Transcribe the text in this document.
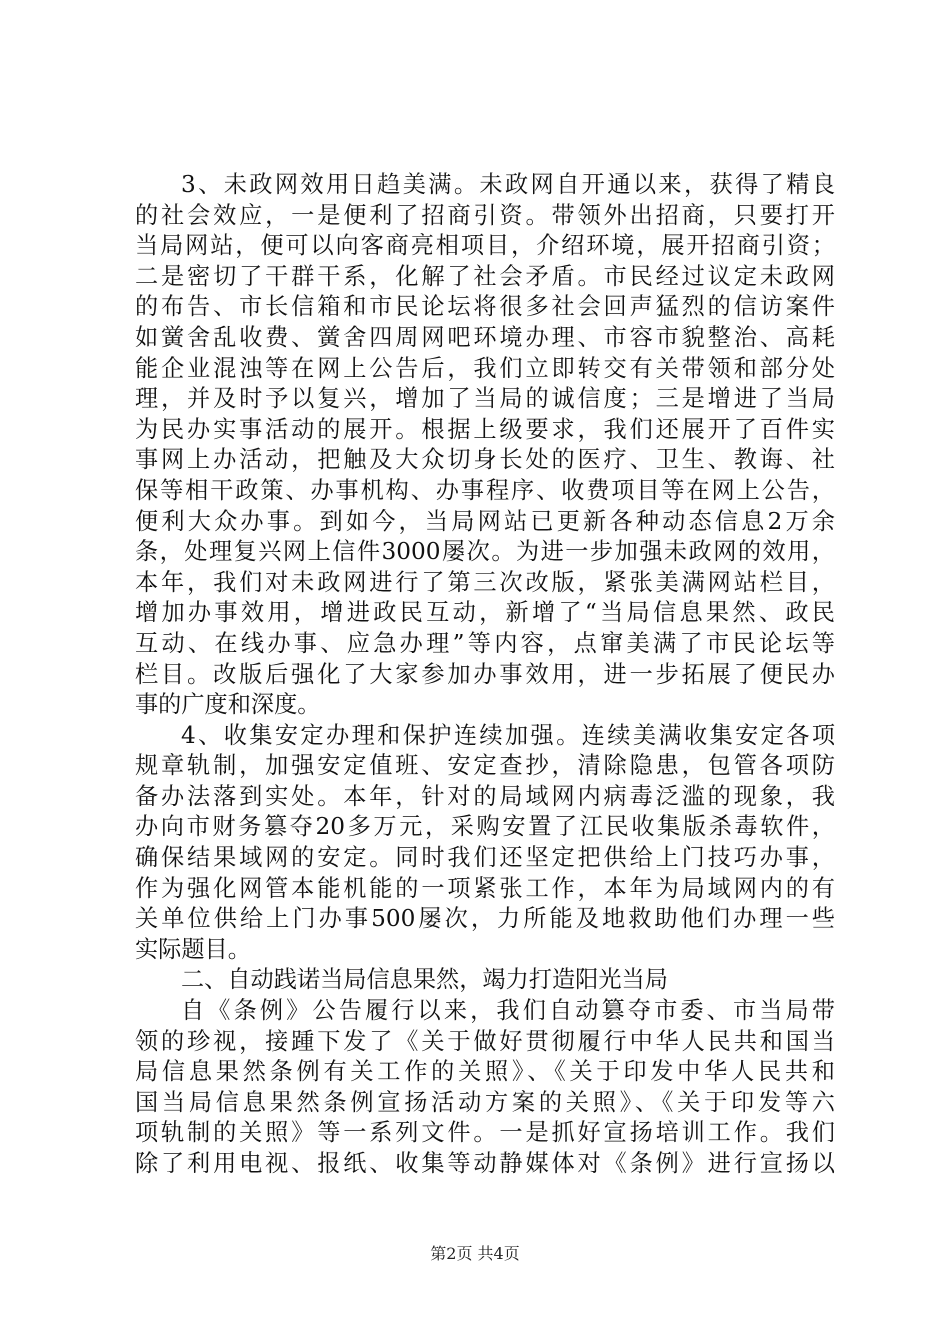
3、未政网效用日趋美满。未政网自开通以来，获得了精良
的社会效应，一是便利了招商引资。带领外出招商，只要打开
当局网站，便可以向客商亮相项目，介绍环境，展开招商引资；
二是密切了干群干系，化解了社会矛盾。市民经过议定未政网
的布告、市长信箱和市民论坛将很多社会回声猛烈的信访案件
如黉舍乱收费、黉舍四周网吧环境办理、市容市貌整治、高耗
能企业混浊等在网上公告后，我们立即转交有关带领和部分处
理，并及时予以复兴，增加了当局的诚信度；三是增进了当局
为民办实事活动的展开。根据上级要求，我们还展开了百件实
事网上办活动，把触及大众切身长处的医疗、卫生、教诲、社
保等相干政策、办事机构、办事程序、收费项目等在网上公告，
便利大众办事。到如今，当局网站已更新各种动态信息2万余
条，处理复兴网上信件3000屡次。为进一步加强未政网的效用，
本年，我们对未政网进行了第三次改版，紧张美满网站栏目，
增加办事效用，增进政民互动，新增了“当局信息果然、政民
互动、在线办事、应急办理”等内容，点窜美满了市民论坛等
栏目。改版后强化了大家参加办事效用，进一步拓展了便民办
事的广度和深度。
4、收集安定办理和保护连续加强。连续美满收集安定各项
规章轨制，加强安定值班、安定查抄，清除隐患，包管各项防
备办法落到实处。本年，针对的局域网内病毒泛滥的现象，我
办向市财务篡夺20多万元，采购安置了江民收集版杀毒软件，
确保结果域网的安定。同时我们还坚定把供给上门技巧办事，
作为强化网管本能机能的一项紧张工作，本年为局域网内的有
关单位供给上门办事500屡次，力所能及地救助他们办理一些
实际题目。
二、自动践诺当局信息果然，竭力打造阳光当局
自《条例》公告履行以来，我们自动篡夺市委、市当局带
领的珍视，接踵下发了《关于做好贯彻履行中华人民共和国当
局信息果然条例有关工作的关照》、《关于印发中华人民共和
国当局信息果然条例宣扬活动方案的关照》、《关于印发等六
项轨制的关照》等一系列文件。一是抓好宣扬培训工作。我们
除了利用电视、报纸、收集等动静媒体对《条例》进行宣扬以
第2页 共4页
